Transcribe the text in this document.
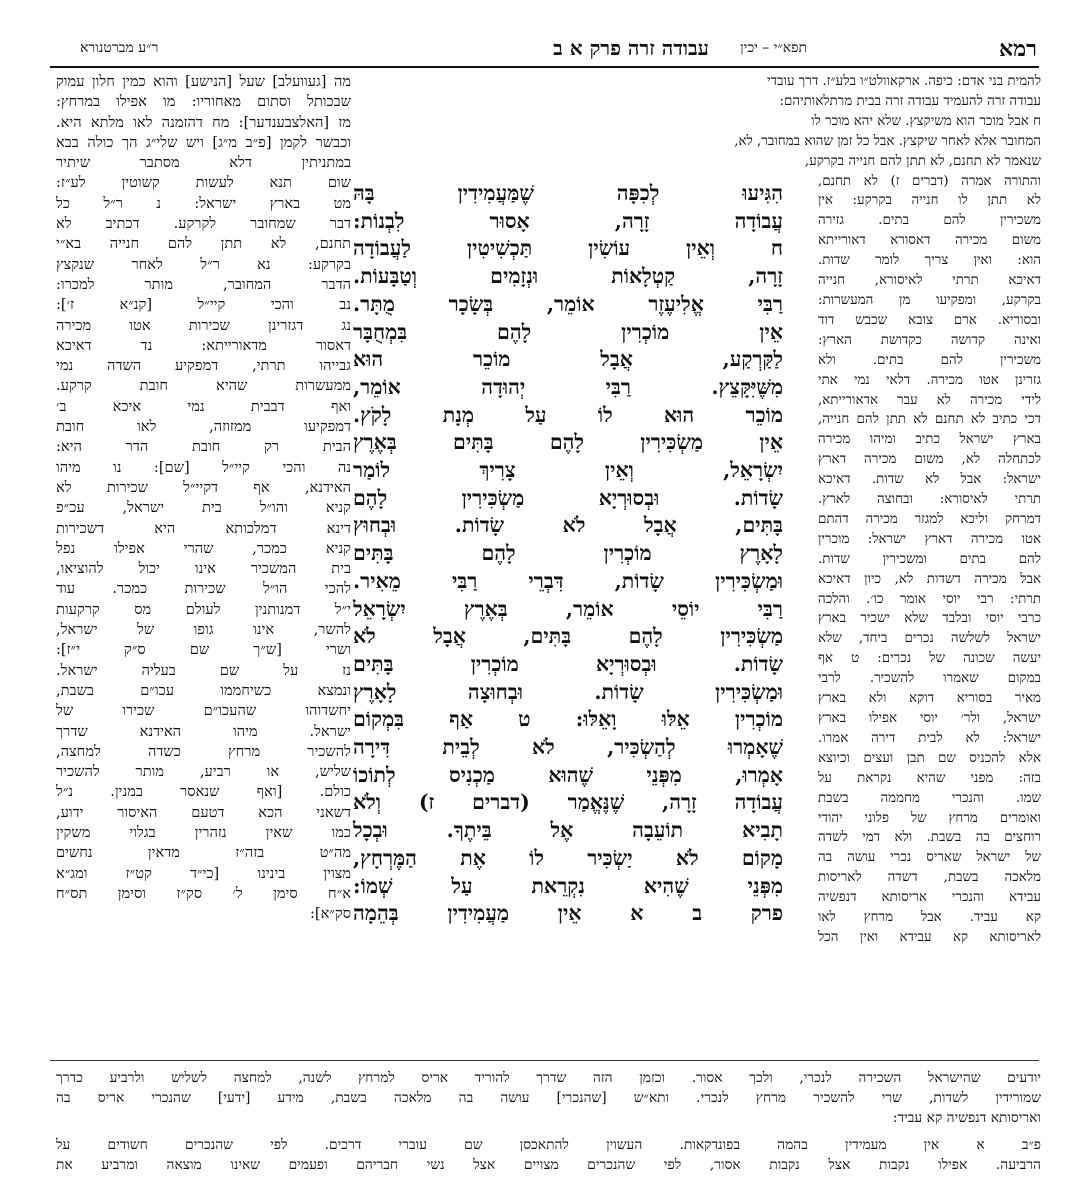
רמא
תפא״י – יכין
עבודה זרה פרק א ב
ר״ע מברטנורא
להמית בני אדם: כיפה. ארקאוולט״ו בלע״ז. דרך עובדי
עבודה זרה להעמיד עבודה זרה בבית מרתלאותיהם:
ח אבל מוכר הוא משיקצץ. שלא יהא מוכר לו
המחובר אלא לאחר שיקצץ. אבל כל זמן שהוא במחובר, לא,
שנאמר לא תחנם, לא תתן להם חנייה בקרקע,
והתורה אמרה (דברים ז) לא תחנם,
לא תתן לו חנייה בקרקע: אין
משכירין להם בתים. גזירה
משום מכירה דאסורא דאורייתא
הוא: ואין צריך לומר שדות.
דאיכא תרתי לאיסורא, חנייה
בקרקע, ומפקיעו מן המעשרות:
ובסוריא. ארם צובא שכבש דוד
ואינה קדושה כקדושת הארץ:
משכירין להם בתים. ולא
גזרינן אטו מכירה. דלאי נמי אתי
לידי מכירה לא עבר אדאורייתא,
דכי כתיב לא תחנם לא תתן להם חנייה,
בארץ ישראל כתיב ומיהו מכירה
לכתחלה לא, משום מכירה דארץ
ישראל: אבל לא שדות. דאיכא
תרתי לאיסורא: ובחוצה לארץ.
דמרחק וליכא למגזר מכירה דהתם
אטו מכירה דארץ ישראל: מוכרין
להם בתים ומשכירין שדות.
אבל מכירה דשדות לא, כיון דאיכא
תרתי: רבי יוסי אומר כו׳. והלכה
כרבי יוסי ובלבד שלא ישכיר בארץ
ישראל לשלשה נכרים ביחד, שלא
יעשה שכונה של נכרים: ט אף
במקום שאמרו להשכיר. לרבי
מאיר בסוריא דוקא ולא בארץ
ישראל, ולר׳ יוסי אפילו בארץ
ישראל: לא לבית דירה אמרו.
אלא להכניס שם תבן ועצים וכיוצא
בזה: מפני שהיא נקראת על
שמו. והנכרי מחממה בשבת
ואומרים מרחץ של פלוני יהודי
רוחצים בה בשבת. ולא דמי לשדה
של ישראל שאריס נכרי עושה בה
מלאכה בשבת, דשדה לאריסות
עבידא והנכרי אריסותא דנפשיה
קא עביד. אבל מרחץ לאו
לאריסותא קא עבידא ואין הכל
הִגִּיעוּ לְכִפָּה שֶׁמַּעֲמִידִין בָּהּ
עֲבוֹדָה זָרָה, אָסוּר לִבְנוֹת:
ח וְאֵין עוֹשִׂין תַּכְשִׁיטִין לַעֲבוֹדָה
זָרָה, קַטְלָאוֹת וּנְזָמִים וְטַבָּעוֹת.
רַבִּי אֱלִיעֶזֶר אוֹמֵר, בְּשָׂכָר מֻתָּר.
אֵין מוֹכְרִין לָהֶם בִּמְחֻבָּר
לַקַּרְקַע, אֲבָל מוֹכֵר הוּא
מִשֶּׁיִּקָּצֵץ. רַבִּי יְהוּדָה אוֹמֵר,
מוֹכֵר הוּא לוֹ עַל מְנָת לָקֹץ.
אֵין מַשְׂכִּירִין לָהֶם בָּתִּים בְּאֶרֶץ
יִשְׂרָאֵל, וְאֵין צָרִיךְ לוֹמַר
שָׂדוֹת. וּבְסוּרְיָא מַשְׂכִּירִין לָהֶם
בָּתִּים, אֲבָל לֹא שָׂדוֹת. וּבְחוּץ
לָאָרֶץ מוֹכְרִין לָהֶם בָּתִּים
וּמַשְׂכִּירִין שָׂדוֹת, דִּבְרֵי רַבִּי מֵאִיר.
רַבִּי יוֹסֵי אוֹמֵר, בְּאֶרֶץ יִשְׂרָאֵל
מַשְׂכִּירִין לָהֶם בָּתִּים, אֲבָל לֹא
שָׂדוֹת. וּבְסוּרְיָא מוֹכְרִין בָּתִּים
וּמַשְׂכִּירִין שָׂדוֹת. וּבְחוּצָה לָאָרֶץ
מוֹכְרִין אֵלּוּ וָאֵלּוּ: ט אַף בִּמְקוֹם
שֶׁאָמְרוּ לְהַשְׂכִּיר, לֹא לְבֵית דִּירָה
אָמְרוּ, מִפְּנֵי שֶׁהוּא מַכְנִיס לְתוֹכוֹ
עֲבוֹדָה זָרָה, שֶׁנֶּאֱמַר (דברים ז) וְלֹא
תָבִיא תוֹעֵבָה אֶל בֵּיתֶךָ. וּבְכָל
מָקוֹם לֹא יַשְׂכִּיר לוֹ אֶת הַמֶּרְחָץ,
מִפְּנֵי שֶׁהִיא נִקְרֵאת עַל שְׁמוֹ:
פרק ב א אֵין מַעֲמִידִין בְּהֵמָה
מה [געוועלב] שעל [הנישע] והוא כמין חלון עמוק
שבכותל וסתום מאחוריו: מו אפילו במרחץ:
מז [האלצבענדער]: מח דהזמנה לאו מלתא היא.
וכבשר לקמן [פ״ב מ״ג] ויש שלי״ג הך כולה בבא
במתניתין דלא מסתבר שיתיר
שום תנא לעשות קשוטין לע״ז:
מט בארץ ישראל: נ ר״ל כל
דבר שמחובר לקרקע. דכתיב לא
תחנם, לא תתן להם חנייה בא״י
בקרקע: נא ר״ל לאחר שנקצץ
הדבר המחובר, מותר למכרו:
נב והכי קיי״ל [קנ״א ז׳]:
נג דגזרינן שכירות אטו מכירה
דאסור מדאורייתא: נד דאיכא
גבייהו תרתי, דמפקיע השדה נמי
ממעשרות שהיא חובת קרקע.
ואף דבבית נמי איכא ב׳
דמפקיעו ממזוזה, לאו חובת
הבית רק חובת הדר היא:
נה והכי קיי״ל [שם]: נו מיהו
האידנא, אף דקיי״ל שכירות לא
קניא והו״ל בית ישראל, עכ״פ
דינא דמלכותא היא דשכירות
קניא כמכר, שהרי אפילו נפל
בית המשכיר אינו יכול להוציאו,
להכי הו״ל שכירות כמכר. עוד
י״ל דמנותנין לעולם מס קרקעות
להשר, אינו גופו של ישראל,
ושרי [ש״ך שם ס״ק י״ז]:
נז על שם בעליה ישראל.
ונמצא כשיחממו עכו״ם בשבת,
יחשדוהו שהעכו״ם שכירו של
ישראל. מיהו האידנא שדרך
להשכיר מרחץ כשדה למחצה,
שליש, או רביע, מותר להשכיר
כולם. [ואף שנאסר במנין. נ״ל
דשאני הכא דטעם האיסור ידוע,
כמו שאין נזהרין בגלוי משקין
מה״ט בזה״ז מדאין נחשים
מצוין בינינו [כי״ד קט״ז ומג״א
א״ח סימן ל׳ סק״ז וסימן תס״ח
סק״א]:
יודעים שהישראל השכירה לנכרי, ולכך אסור. וכזמן הזה שדרך להוריד אריס למרחץ לשנה, למחצה לשליש ולרביע כדרך
שמורידין לשדות, שרי להשכיר מרחץ לנכרי. ותא״ש [שהנכרי] עושה בה מלאכה בשבת, מידע [ידעי] שהנכרי אריס בה
ואריסותא דנפשיה קא עביד:
פ״ב א אין מעמידין בהמה בפונדקאות. העשוין להתאכסן שם עוברי דרכים. לפי שהנכרים חשודים על
הרביעה. אפילו נקבות אצל נקבות אסור, לפי שהנכרים מצויים אצל נשי חבריהם ופעמים שאינו מוצאה ומרביע את
